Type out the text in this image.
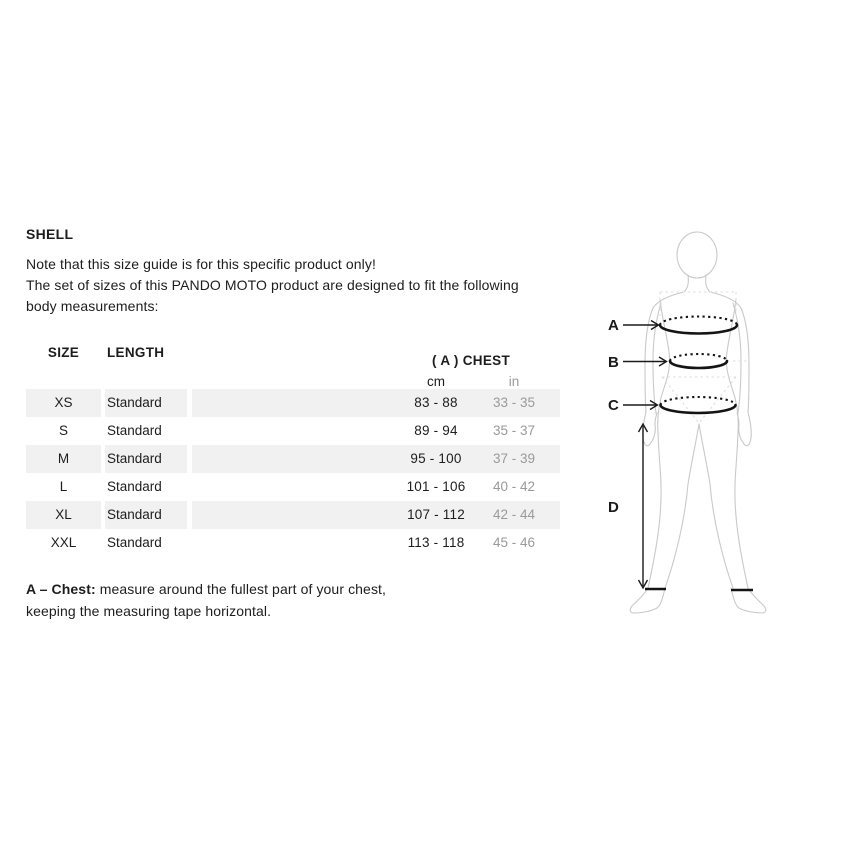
SHELL
Note that this size guide is for this specific product only!
The set of sizes of this PANDO MOTO product are designed to fit the following
body measurements:
SIZE	LENGTH	( A ) CHEST
cm	in
XS	Standard	83 - 88	33 - 35
S	Standard	89 - 94	35 - 37
M	Standard	95 - 100	37 - 39
L	Standard	101 - 106	40 - 42
XL	Standard	107 - 112	42 - 44
XXL	Standard	113 - 118	45 - 46
A – Chest: measure around the fullest part of your chest,
keeping the measuring tape horizontal.
A
B
C
D
